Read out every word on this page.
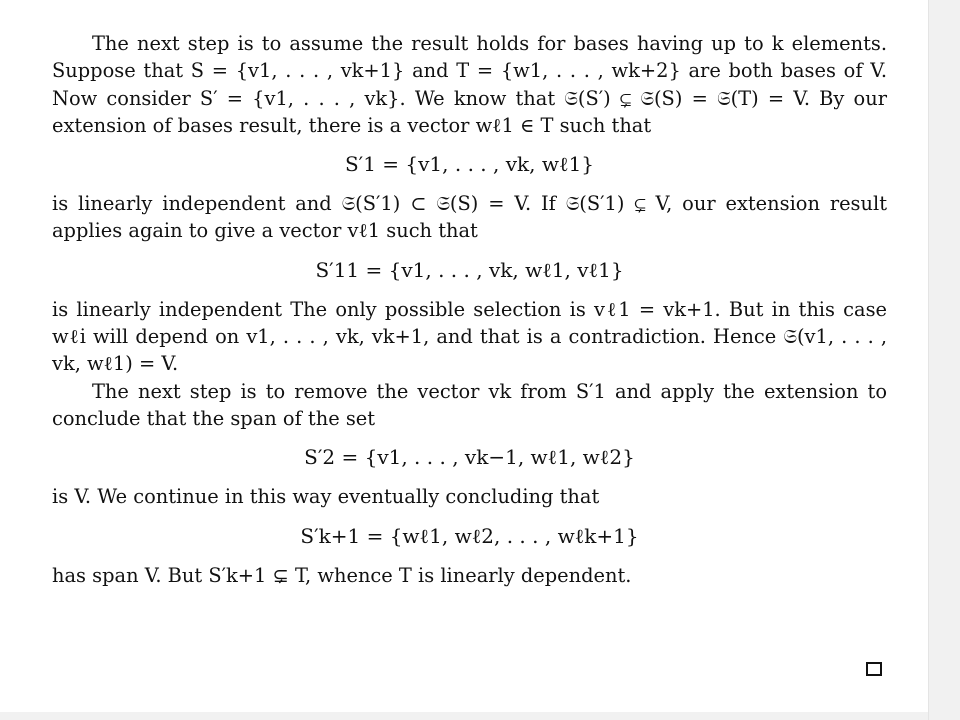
The next step is to assume the result holds for bases having up to k elements. Suppose that S = {v1, . . . , vk+1} and T = {w1, . . . , wk+2} are both bases of V. Now consider S′ = {v1, . . . , vk}. We know that 𝔖(S′) ⊊ 𝔖(S) = 𝔖(T) = V. By our extension of bases result, there is a vector wℓ1 ∈ T such that

S′1 = {v1, . . . , vk, wℓ1}

is linearly independent and 𝔖(S′1) ⊂ 𝔖(S) = V. If 𝔖(S′1) ⊊ V, our extension result applies again to give a vector vℓ1 such that

S′11 = {v1, . . . , vk, wℓ1, vℓ1}

is linearly independent The only possible selection is vℓ1 = vk+1. But in this case wℓi will depend on v1, . . . , vk, vk+1, and that is a contradiction. Hence 𝔖(v1, . . . , vk, wℓ1) = V.

The next step is to remove the vector vk from S′1 and apply the extension to conclude that the span of the set

S′2 = {v1, . . . , vk−1, wℓ1, wℓ2}

is V. We continue in this way eventually concluding that

S′k+1 = {wℓ1, wℓ2, . . . , wℓk+1}

has span V. But S′k+1 ⊊ T, whence T is linearly dependent.
